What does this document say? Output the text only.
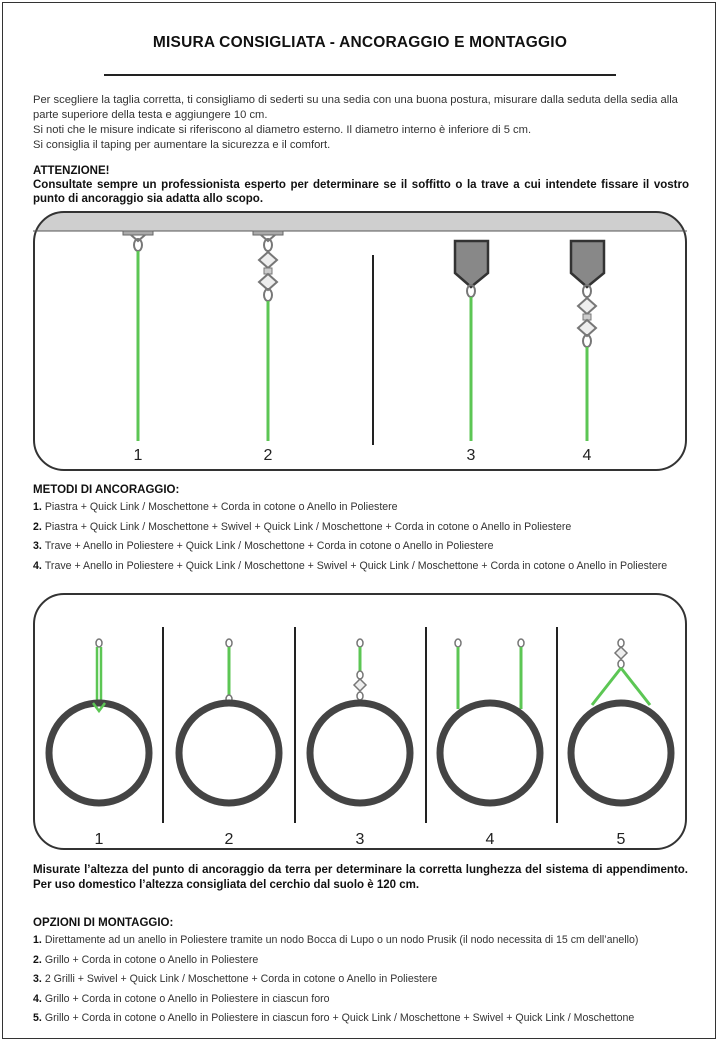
MISURA CONSIGLIATA - ANCORAGGIO E MONTAGGIO

Per scegliere la taglia corretta, ti consigliamo di sederti su una sedia con una buona postura, misurare dalla seduta della sedia alla parte superiore della testa e aggiungere 10 cm.

Si noti che le misure indicate si riferiscono al diametro esterno. Il diametro interno è inferiore di 5 cm.

Si consiglia il taping per aumentare la sicurezza e il comfort.

ATTENZIONE!
Consultate sempre un professionista esperto per determinare se il soffitto o la trave a cui intendete fissare il vostro punto di ancoraggio sia adatta allo scopo.
1	2	3	4
METODI DI ANCORAGGIO:
1. Piastra + Quick Link / Moschettone + Corda in cotone o Anello in Poliestere
2. Piastra + Quick Link / Moschettone + Swivel + Quick Link / Moschettone + Corda in cotone o Anello in Poliestere
3. Trave + Anello in Poliestere + Quick Link / Moschettone + Corda in cotone o Anello in Poliestere
4. Trave + Anello in Poliestere + Quick Link / Moschettone + Swivel + Quick Link / Moschettone + Corda in cotone o Anello in Poliestere
1	2	3	4	5
Misurate l’altezza del punto di ancoraggio da terra per determinare la corretta lunghezza del sistema di appendimento. Per uso domestico l’altezza consigliata del cerchio dal suolo è 120 cm.
OPZIONI DI MONTAGGIO:
1. Direttamente ad un anello in Poliestere tramite un nodo Bocca di Lupo o un nodo Prusik (il nodo necessita di 15 cm dell’anello)
2. Grillo + Corda in cotone o Anello in Poliestere
3. 2 Grilli + Swivel + Quick Link / Moschettone + Corda in cotone o Anello in Poliestere
4. Grillo + Corda in cotone o Anello in Poliestere in ciascun foro
5. Grillo + Corda in cotone o Anello in Poliestere in ciascun foro + Quick Link / Moschettone + Swivel + Quick Link / Moschettone
